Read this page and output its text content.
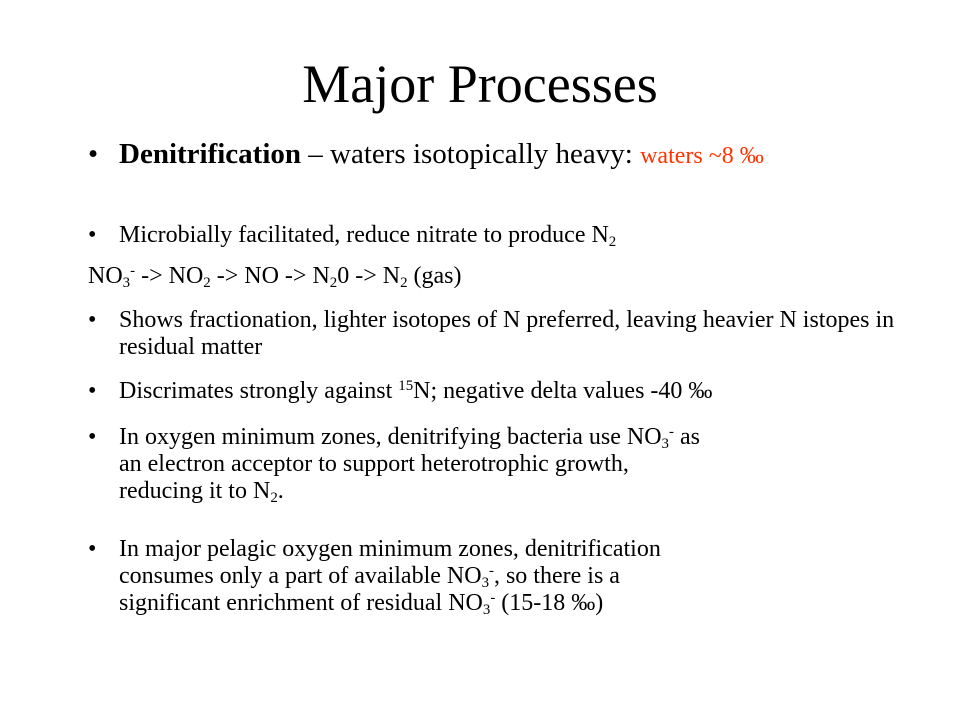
Major Processes
• Denitrification – waters isotopically heavy: waters ~8 ‰
• Microbially facilitated, reduce nitrate to produce $N_2$
$NO_3^- -> NO_2$ -> NO -> $N_20 -> N_2$ (gas)
• Shows fractionation, lighter isotopes of N preferred, leaving heavier N istopes in residual matter
• Discrimates strongly against $^{15}$N; negative delta values -40 ‰
• In oxygen minimum zones, denitrifying bacteria use $NO_3^-$ as
an electron acceptor to support heterotrophic growth,
reducing it to $N_2$.
• In major pelagic oxygen minimum zones, denitrification
consumes only a part of available $NO_3^-$, so there is a
significant enrichment of residual $NO_3^-$ (15-18 ‰)
